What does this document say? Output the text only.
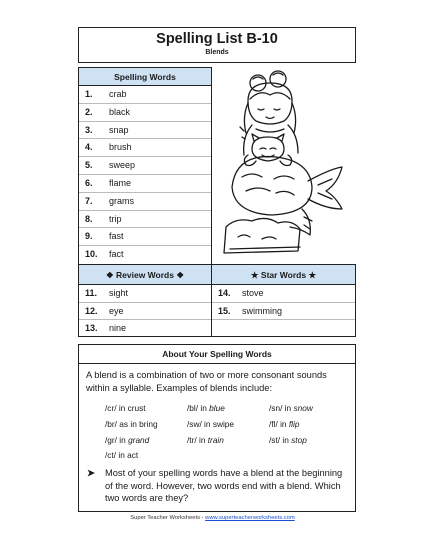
Spelling List B-10
Blends
Spelling Words
1. crab
2. black
3. snap
4. brush
5. sweep
6. flame
7. grams
8. trip
9. fast
10. fact
❖ Review Words ❖
11. sight
12. eye
13. nine
★ Star Words ★
14. stove
15. swimming
About Your Spelling Words
A blend is a combination of two or more consonant sounds within a syllable. Examples of blends include:
/cr/ in crust	/bl/ in blue	/sn/ in snow
/br/ as in bring	/sw/ in swipe	/fl/ in flip
/gr/ in grand	/tr/ in train	/st/ in stop
/ct/ in act
➤	Most of your spelling words have a blend at the beginning of the word. However, two words end with a blend. Which two words are they?
Super Teacher Worksheets - www.superteacherworksheets.com
